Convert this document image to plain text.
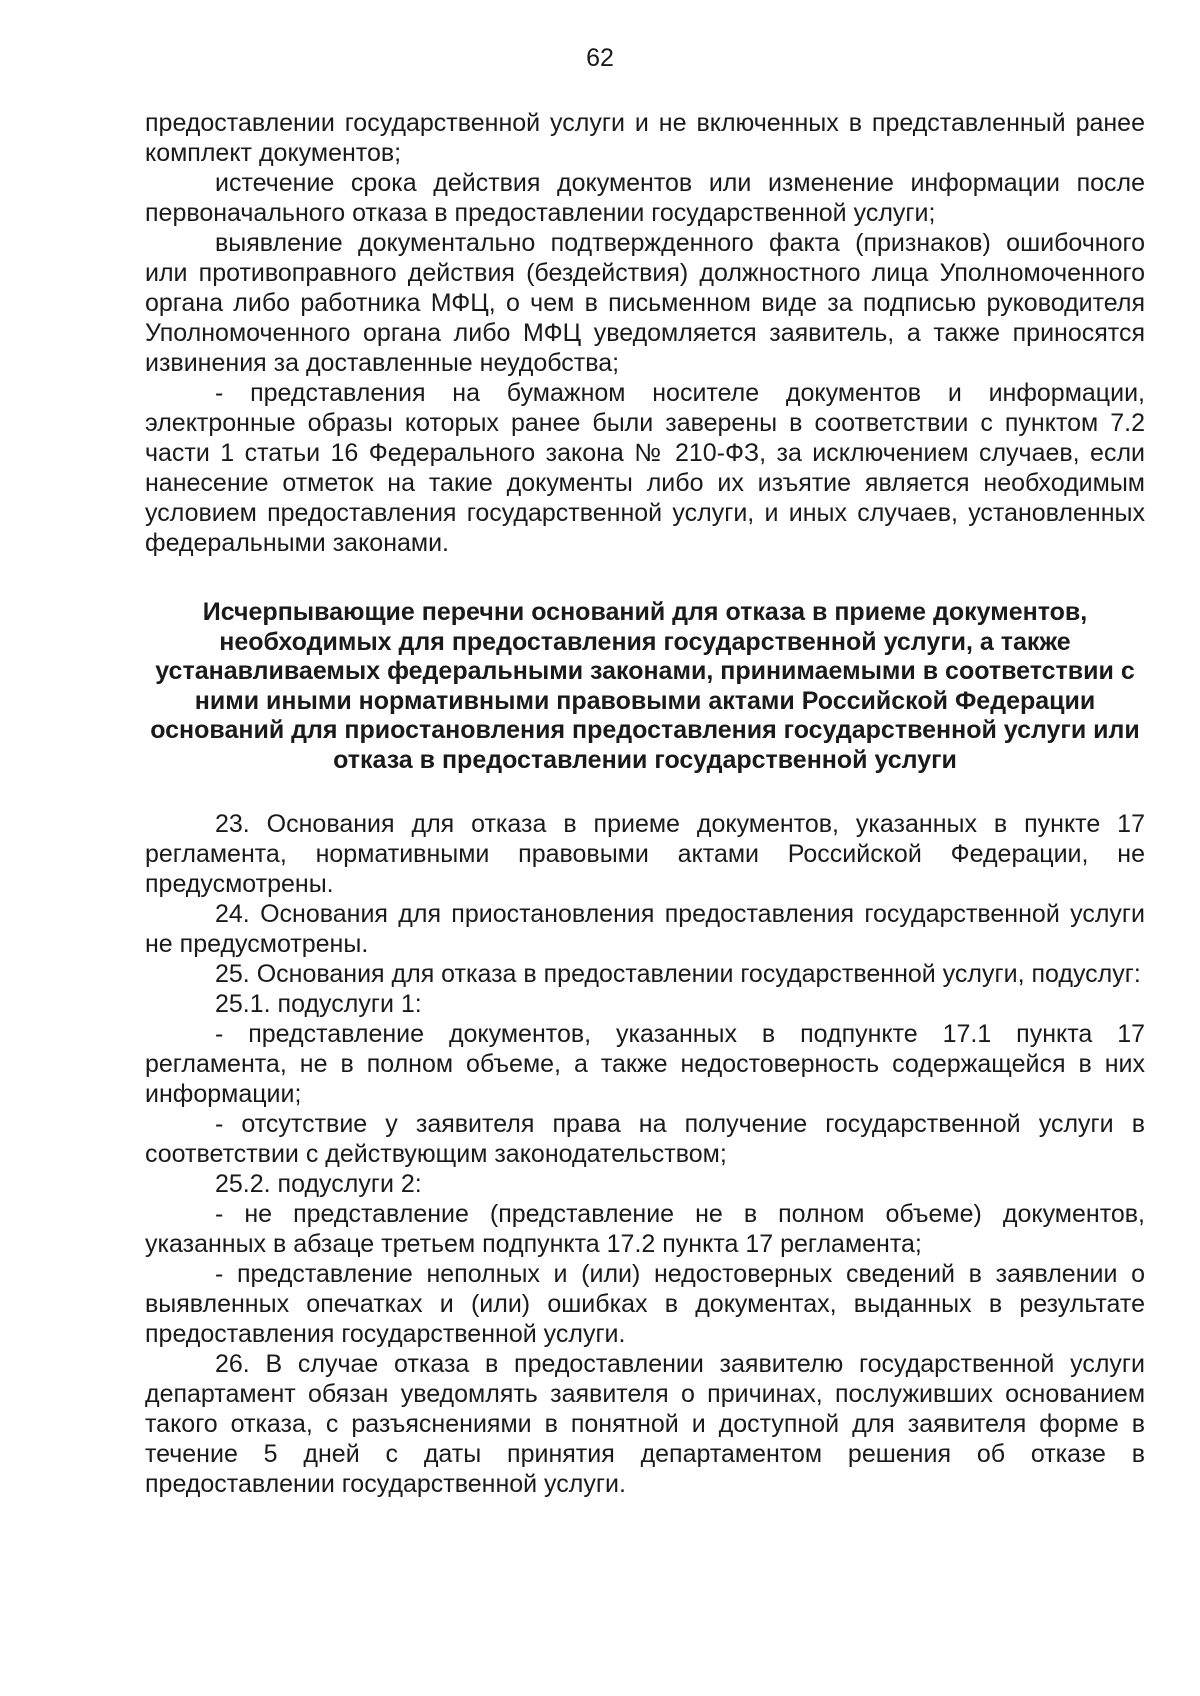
62

предоставлении государственной услуги и не включенных в представленный ранее комплект документов;

истечение срока действия документов или изменение информации после первоначального отказа в предоставлении государственной услуги;

выявление документально подтвержденного факта (признаков) ошибочного или противоправного действия (бездействия) должностного лица Уполномоченного органа либо работника МФЦ, о чем в письменном виде за подписью руководителя Уполномоченного органа либо МФЦ уведомляется заявитель, а также приносятся извинения за доставленные неудобства;

- представления на бумажном носителе документов и информации, электронные образы которых ранее были заверены в соответствии с пунктом 7.2 части 1 статьи 16 Федерального закона № 210-ФЗ, за исключением случаев, если нанесение отметок на такие документы либо их изъятие является необходимым условием предоставления государственной услуги, и иных случаев, установленных федеральными законами.

Исчерпывающие перечни оснований для отказа в приеме документов, необходимых для предоставления государственной услуги, а также устанавливаемых федеральными законами, принимаемыми в соответствии с ними иными нормативными правовыми актами Российской Федерации оснований для приостановления предоставления государственной услуги или отказа в предоставлении государственной услуги

23. Основания для отказа в приеме документов, указанных в пункте 17 регламента, нормативными правовыми актами Российской Федерации, не предусмотрены.

24. Основания для приостановления предоставления государственной услуги не предусмотрены.

25. Основания для отказа в предоставлении государственной услуги, подуслуг:

25.1. подуслуги 1:

- представление документов, указанных в подпункте 17.1 пункта 17 регламента, не в полном объеме, а также недостоверность содержащейся в них информации;

- отсутствие у заявителя права на получение государственной услуги в соответствии с действующим законодательством;

25.2. подуслуги 2:

- не представление (представление не в полном объеме) документов, указанных в абзаце третьем подпункта 17.2 пункта 17 регламента;

- представление неполных и (или) недостоверных сведений в заявлении о выявленных опечатках и (или) ошибках в документах, выданных в результате предоставления государственной услуги.

26. В случае отказа в предоставлении заявителю государственной услуги департамент обязан уведомлять заявителя о причинах, послуживших основанием такого отказа, с разъяснениями в понятной и доступной для заявителя форме в течение 5 дней с даты принятия департаментом решения об отказе в предоставлении государственной услуги.
